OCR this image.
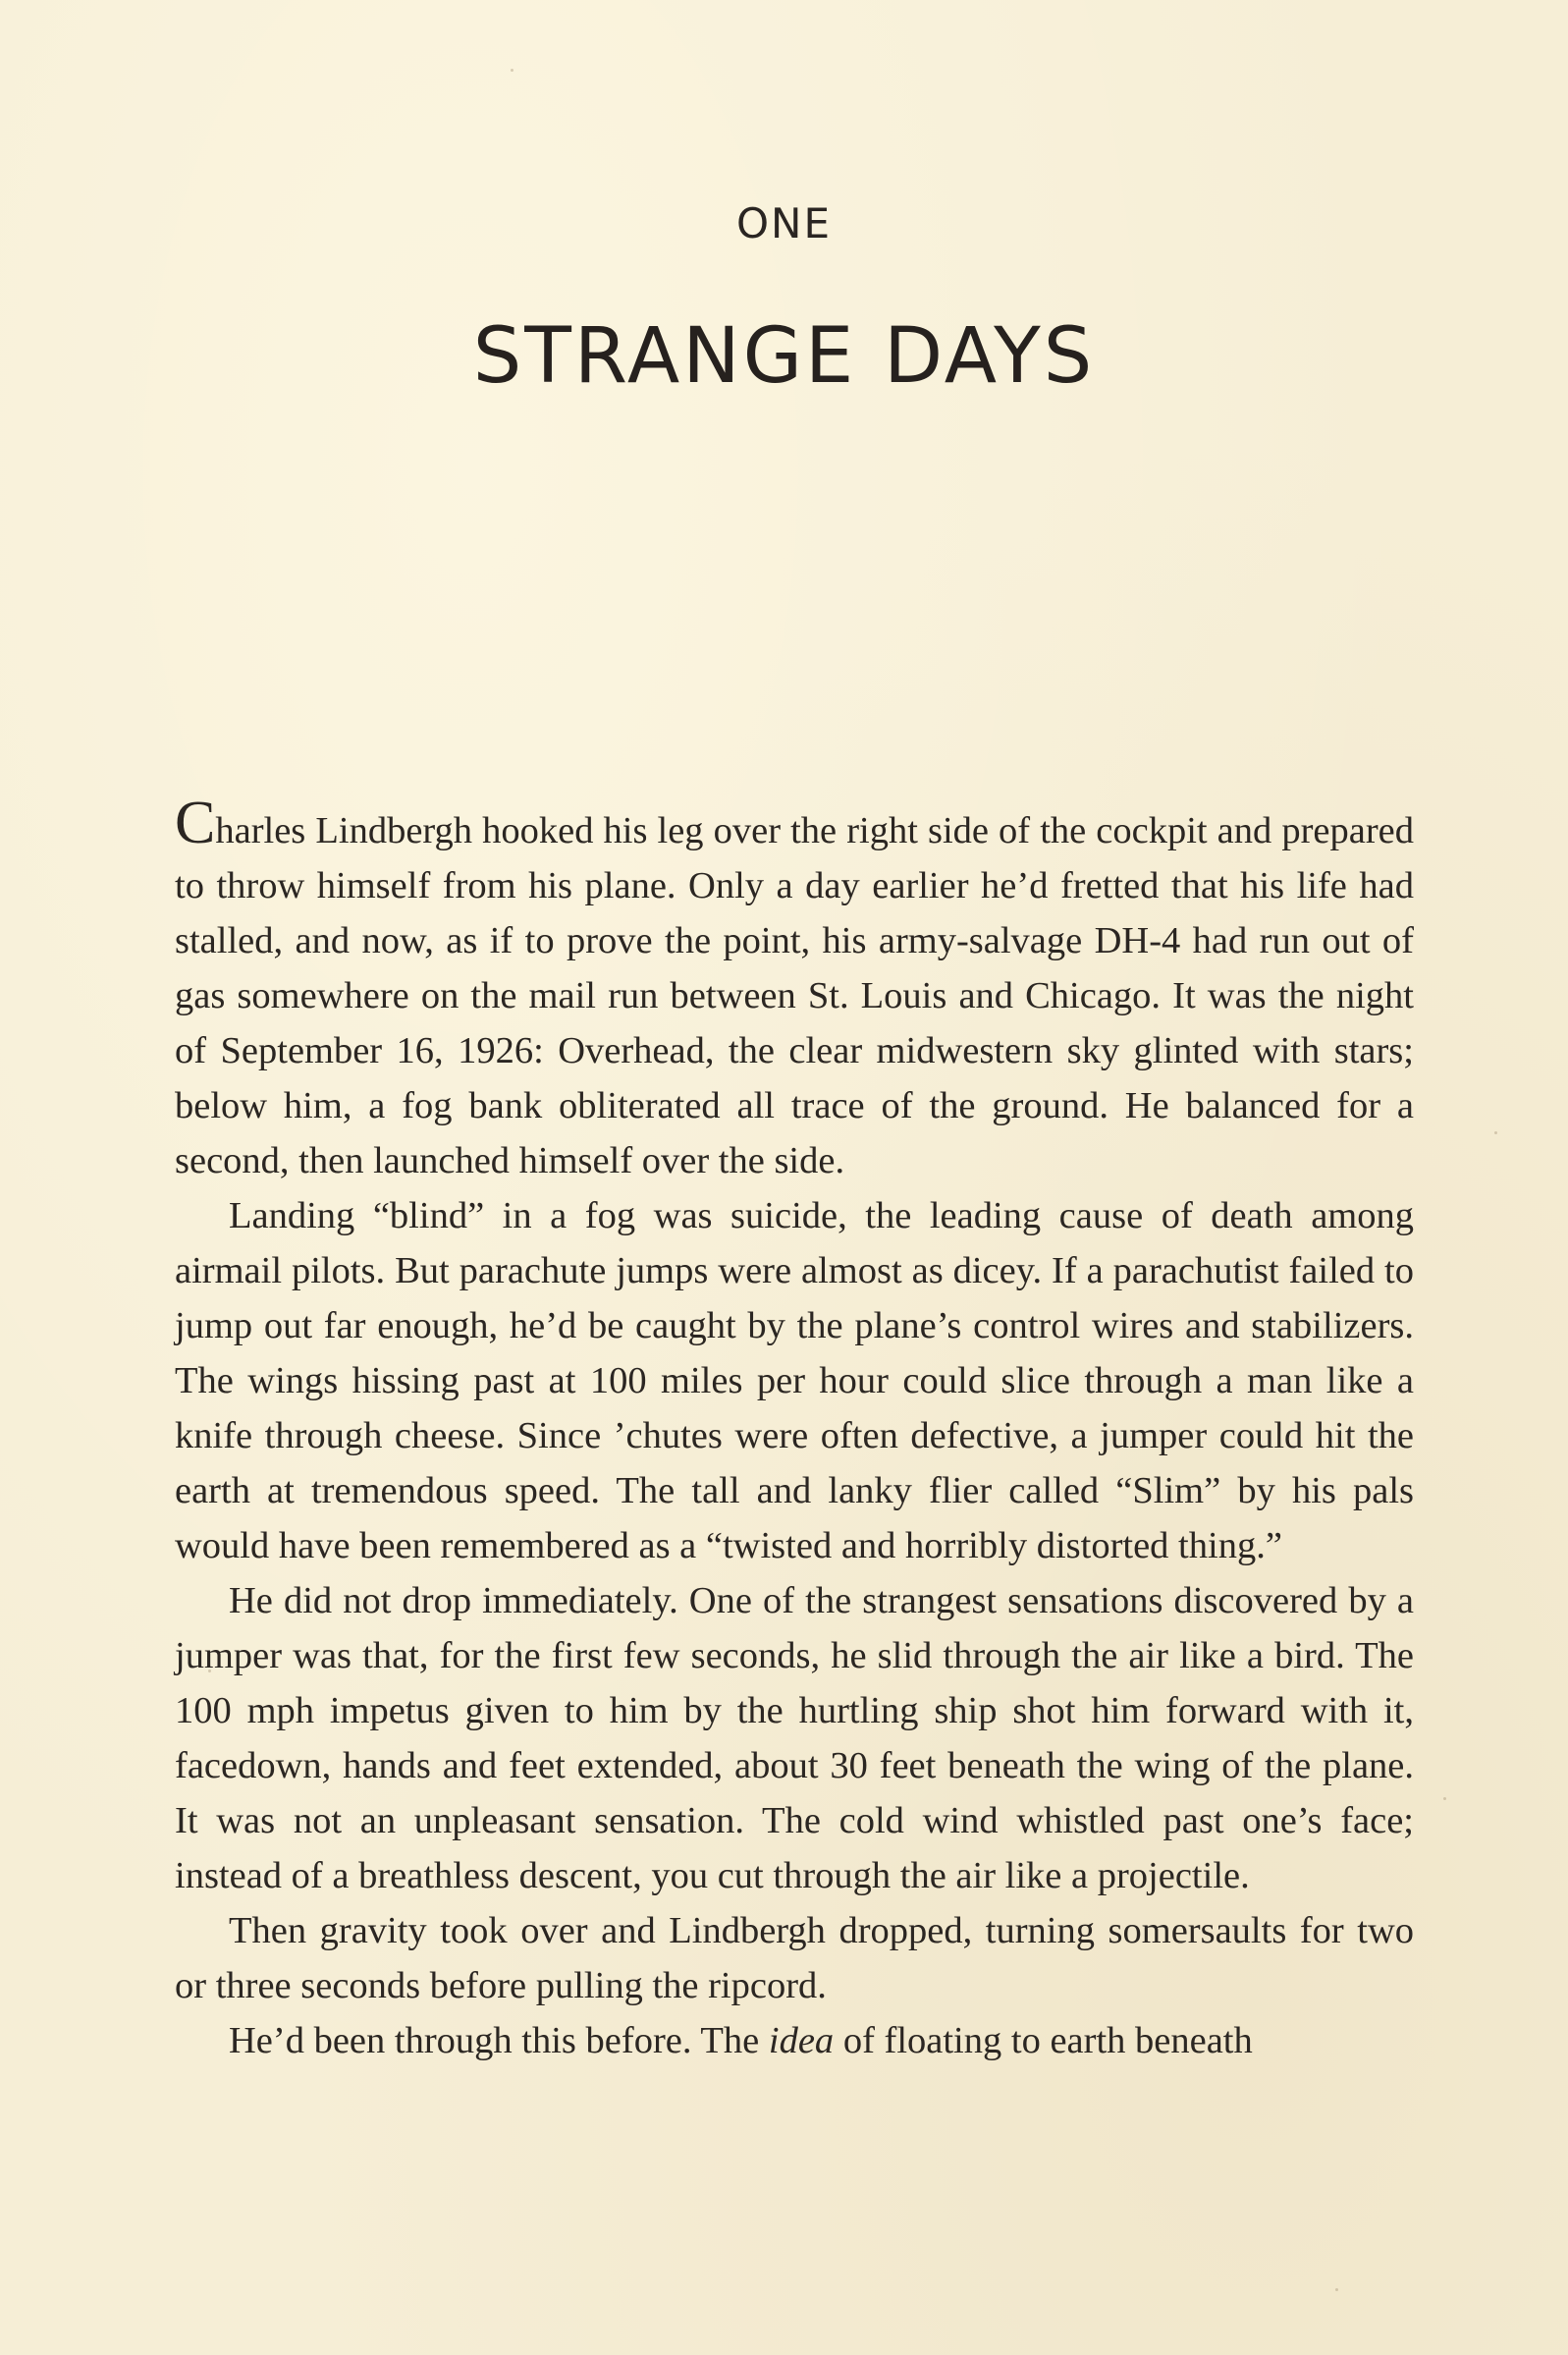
ONE
STRANGE DAYS

Charles Lindbergh hooked his leg over the right side of the cockpit and prepared to throw himself from his plane. Only a day earlier he’d fretted that his life had stalled, and now, as if to prove the point, his army-salvage DH-4 had run out of gas somewhere on the mail run between St. Louis and Chicago. It was the night of September 16, 1926: Overhead, the clear midwestern sky glinted with stars; below him, a fog bank obliterated all trace of the ground. He balanced for a second, then launched himself over the side.

Landing “blind” in a fog was suicide, the leading cause of death among airmail pilots. But parachute jumps were almost as dicey. If a parachutist failed to jump out far enough, he’d be caught by the plane’s control wires and stabilizers. The wings hissing past at 100 miles per hour could slice through a man like a knife through cheese. Since ’chutes were often defective, a jumper could hit the earth at tremendous speed. The tall and lanky flier called “Slim” by his pals would have been remembered as a “twisted and horribly distorted thing.”

He did not drop immediately. One of the strangest sensations discovered by a jumper was that, for the first few seconds, he slid through the air like a bird. The 100 mph impetus given to him by the hurtling ship shot him forward with it, facedown, hands and feet extended, about 30 feet beneath the wing of the plane. It was not an unpleasant sensation. The cold wind whistled past one’s face; instead of a breathless descent, you cut through the air like a projectile.

Then gravity took over and Lindbergh dropped, turning somersaults for two or three seconds before pulling the ripcord.

He’d been through this before. The idea of floating to earth beneath
